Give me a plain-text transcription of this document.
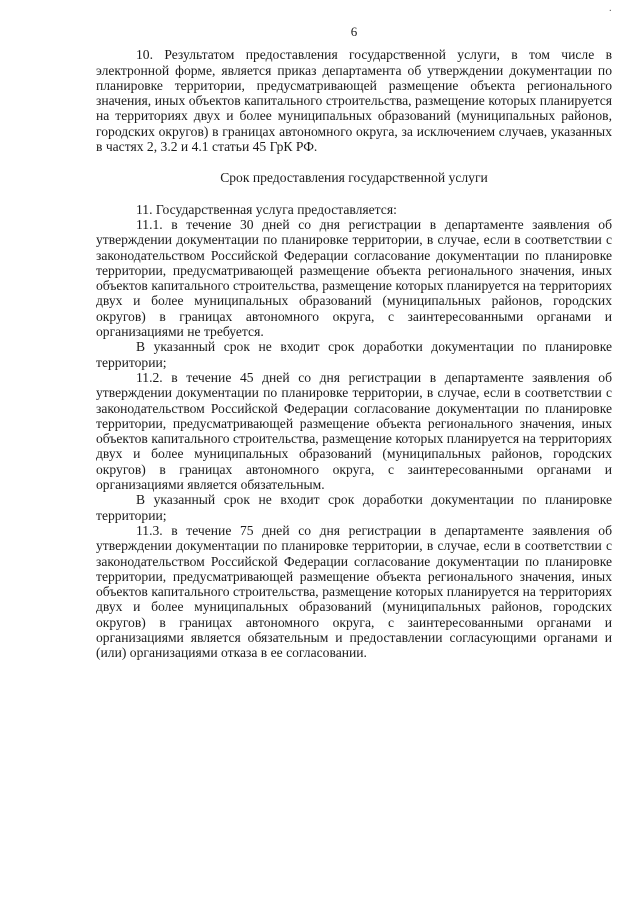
·
6

10. Результатом предоставления государственной услуги, в том числе в электронной форме, является приказ департамента об утверждении документации по планировке территории, предусматривающей размещение объекта регионального значения, иных объектов капитального строительства, размещение которых планируется на территориях двух и более муниципальных образований (муниципальных районов, городских округов) в границах автономного округа, за исключением случаев, указанных в частях 2, 3.2 и 4.1 статьи 45 ГрК РФ.

Срок предоставления государственной услуги

11. Государственная услуга предоставляется:

11.1. в течение 30 дней со дня регистрации в департаменте заявления об утверждении документации по планировке территории, в случае, если в соответствии с законодательством Российской Федерации согласование документации по планировке территории, предусматривающей размещение объекта регионального значения, иных объектов капитального строительства, размещение которых планируется на территориях двух и более муниципальных образований (муниципальных районов, городских округов) в границах автономного округа, с заинтересованными органами и организациями не требуется.

В указанный срок не входит срок доработки документации по планировке территории;

11.2. в течение 45 дней со дня регистрации в департаменте заявления об утверждении документации по планировке территории, в случае, если в соответствии с законодательством Российской Федерации согласование документации по планировке территории, предусматривающей размещение объекта регионального значения, иных объектов капитального строительства, размещение которых планируется на территориях двух и более муниципальных образований (муниципальных районов, городских округов) в границах автономного округа, с заинтересованными органами и организациями является обязательным.

В указанный срок не входит срок доработки документации по планировке территории;

11.3. в течение 75 дней со дня регистрации в департаменте заявления об утверждении документации по планировке территории, в случае, если в соответствии с законодательством Российской Федерации согласование документации по планировке территории, предусматривающей размещение объекта регионального значения, иных объектов капитального строительства, размещение которых планируется на территориях двух и более муниципальных образований (муниципальных районов, городских округов) в границах автономного округа, с заинтересованными органами и организациями является обязательным и предоставлении согласующими органами и (или) организациями отказа в ее согласовании.
